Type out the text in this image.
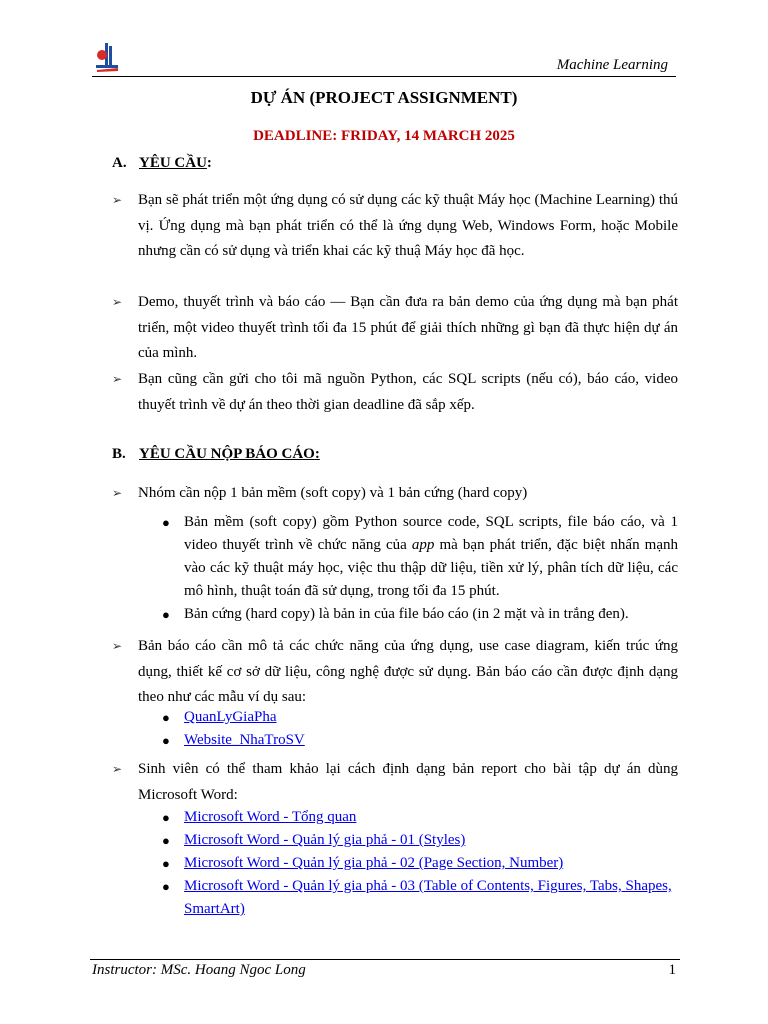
Machine Learning
DỰ ÁN (PROJECT ASSIGNMENT)
DEADLINE: FRIDAY, 14 MARCH 2025
A. YÊU CẦU:
➢	Bạn sẽ phát triển một ứng dụng có sử dụng các kỹ thuật Máy học (Machine Learning) thú vị. Ứng dụng mà bạn phát triển có thể là ứng dụng Web, Windows Form, hoặc Mobile nhưng cần có sử dụng và triển khai các kỹ thuậ Máy học đã học.
➢	Demo, thuyết trình và báo cáo — Bạn cần đưa ra bản demo của ứng dụng mà bạn phát triển, một video thuyết trình tối đa 15 phút để giải thích những gì bạn đã thực hiện dự án của mình.
➢	Bạn cũng cần gửi cho tôi mã nguồn Python, các SQL scripts (nếu có), báo cáo, video thuyết trình về dự án theo thời gian deadline đã sắp xếp.
B. YÊU CẦU NỘP BÁO CÁO:
➢	Nhóm cần nộp 1 bản mềm (soft copy) và 1 bản cứng (hard copy)
● Bản mềm (soft copy) gồm Python source code, SQL scripts, file báo cáo, và 1 video thuyết trình về chức năng của app mà bạn phát triển, đặc biệt nhấn mạnh vào các kỹ thuật máy học, việc thu thập dữ liệu, tiền xử lý, phân tích dữ liệu, các mô hình, thuật toán đã sử dụng, trong tối đa 15 phút.
● Bản cứng (hard copy) là bản in của file báo cáo (in 2 mặt và in trắng đen).
➢	Bản báo cáo cần mô tả các chức năng của ứng dụng, use case diagram, kiến trúc ứng dụng, thiết kế cơ sở dữ liệu, công nghệ được sử dụng. Bản báo cáo cần được định dạng theo như các mẫu ví dụ sau:
● QuanLyGiaPha
● Website_NhaTroSV
➢	Sinh viên có thể tham khảo lại cách định dạng bản report cho bài tập dự án dùng Microsoft Word:
● Microsoft Word - Tổng quan
● Microsoft Word - Quản lý gia phả - 01 (Styles)
● Microsoft Word - Quản lý gia phả - 02 (Page Section, Number)
● Microsoft Word - Quản lý gia phả - 03 (Table of Contents, Figures, Tabs, Shapes, SmartArt)
Instructor: MSc. Hoang Ngoc Long	1
